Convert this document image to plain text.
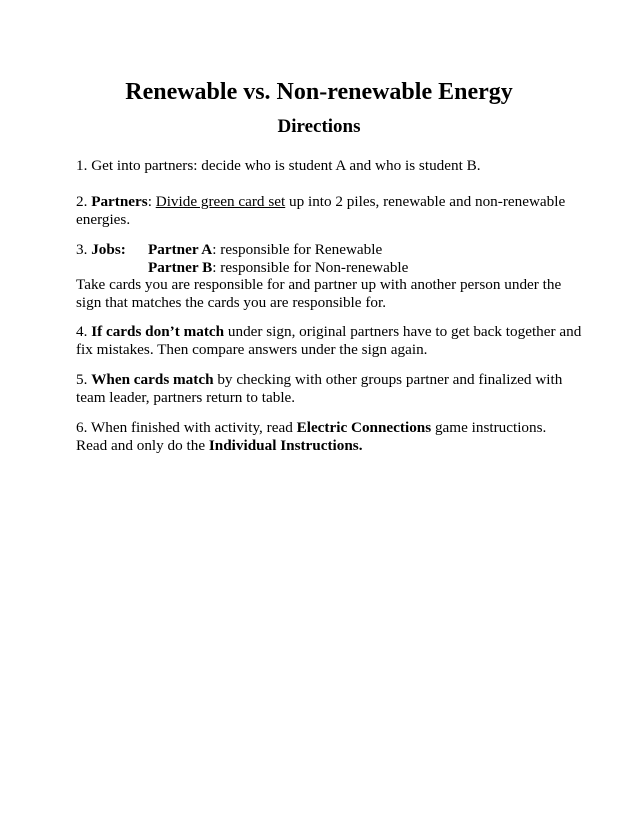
Renewable vs. Non-renewable Energy
Directions
1. Get into partners: decide who is student A and who is student B.
2. Partners: Divide green card set up into 2 piles, renewable and non-renewable
energies.
3. Jobs: Partner A: responsible for Renewable
Partner B: responsible for Non-renewable
Take cards you are responsible for and partner up with another person under the
sign that matches the cards you are responsible for.
4. If cards don’t match under sign, original partners have to get back together and
fix mistakes. Then compare answers under the sign again.
5. When cards match by checking with other groups partner and finalized with
team leader, partners return to table.
6. When finished with activity, read Electric Connections game instructions.
Read and only do the Individual Instructions.
